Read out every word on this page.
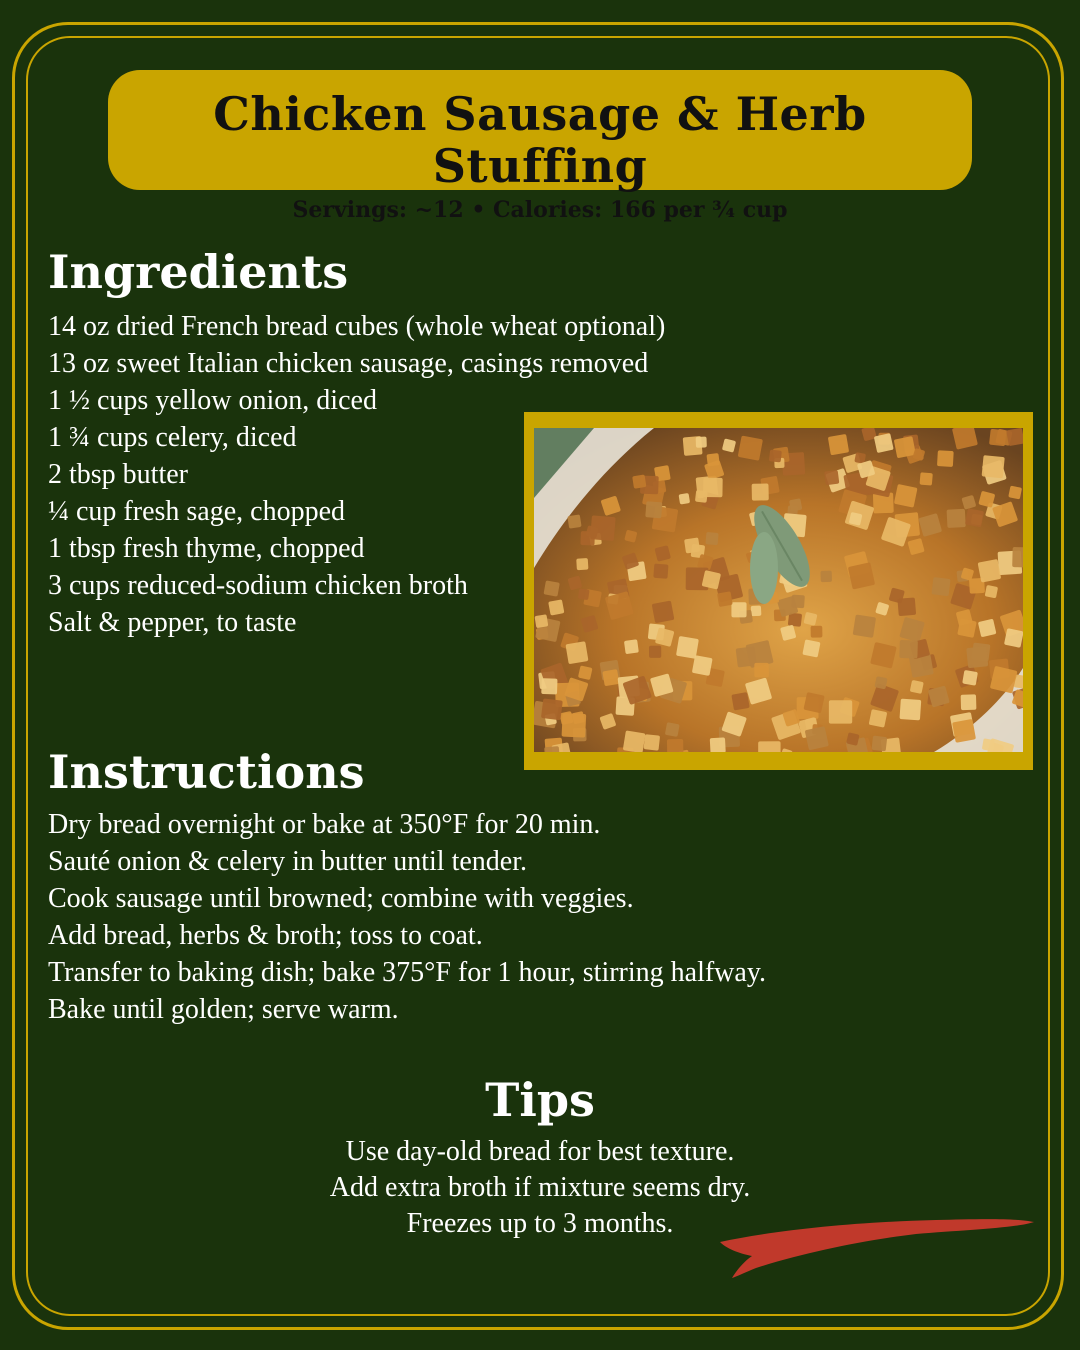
Chicken Sausage & Herb Stuffing
Servings: ~12 • Calories: 166 per ¾ cup
Ingredients
14 oz dried French bread cubes (whole wheat optional)
13 oz sweet Italian chicken sausage, casings removed
1 ½ cups yellow onion, diced
1 ¾ cups celery, diced
2 tbsp butter
¼ cup fresh sage, chopped
1 tbsp fresh thyme, chopped
3 cups reduced-sodium chicken broth
Salt & pepper, to taste
Instructions
Dry bread overnight or bake at 350°F for 20 min.
Sauté onion & celery in butter until tender.
Cook sausage until browned; combine with veggies.
Add bread, herbs & broth; toss to coat.
Transfer to baking dish; bake 375°F for 1 hour, stirring halfway.
Bake until golden; serve warm.
Tips
Use day-old bread for best texture.
Add extra broth if mixture seems dry.
Freezes up to 3 months.
